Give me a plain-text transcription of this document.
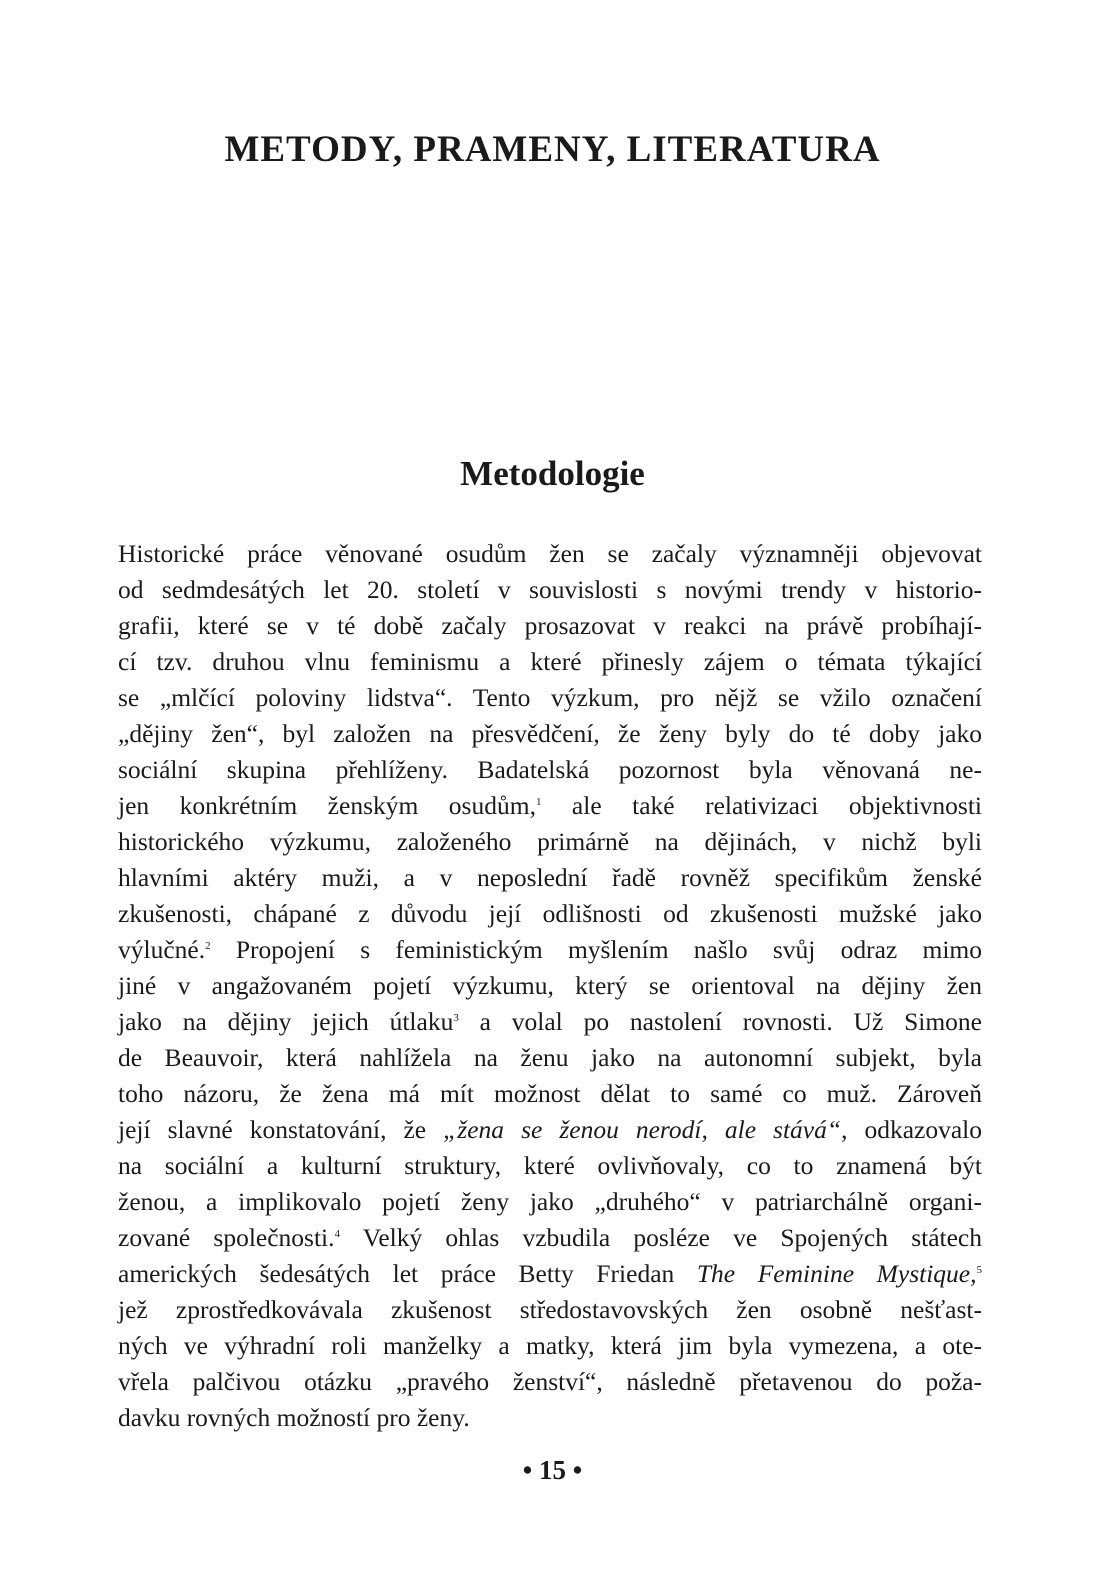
METODY, PRAMENY, LITERATURA
Metodologie
Historické práce věnované osudům žen se začaly významněji objevovat
od sedmdesátých let 20. století v souvislosti s novými trendy v historio-
grafii, které se v té době začaly prosazovat v reakci na právě probíhají-
cí tzv. druhou vlnu feminismu a které přinesly zájem o témata týkající
se „mlčící poloviny lidstva“. Tento výzkum, pro nějž se vžilo označení
„dějiny žen“, byl založen na přesvědčení, že ženy byly do té doby jako
sociální skupina přehlíženy. Badatelská pozornost byla věnovaná ne-
jen konkrétním ženským osudům,$^1$ ale také relativizaci objektivnosti
historického výzkumu, založeného primárně na dějinách, v nichž byli
hlavními aktéry muži, a v neposlední řadě rovněž specifikům ženské
zkušenosti, chápané z důvodu její odlišnosti od zkušenosti mužské jako
výlučné.$^2$ Propojení s feministickým myšlením našlo svůj odraz mimo
jiné v angažovaném pojetí výzkumu, který se orientoval na dějiny žen
jako na dějiny jejich útlaku$^3$ a volal po nastolení rovnosti. Už Simone
de Beauvoir, která nahlížela na ženu jako na autonomní subjekt, byla
toho názoru, že žena má mít možnost dělat to samé co muž. Zároveň
její slavné konstatování, že „žena se ženou nerodí, ale stává“, odkazovalo
na sociální a kulturní struktury, které ovlivňovaly, co to znamená být
ženou, a implikovalo pojetí ženy jako „druhého“ v patriarchálně organi-
zované společnosti.$^4$ Velký ohlas vzbudila posléze ve Spojených státech
amerických šedesátých let práce Betty Friedan The Feminine Mystique,$^5$
jež zprostředkovávala zkušenost středostavovských žen osobně nešťast-
ných ve výhradní roli manželky a matky, která jim byla vymezena, a ote-
vřela palčivou otázku „pravého ženství“, následně přetavenou do poža-
davku rovných možností pro ženy.
• 15 •
